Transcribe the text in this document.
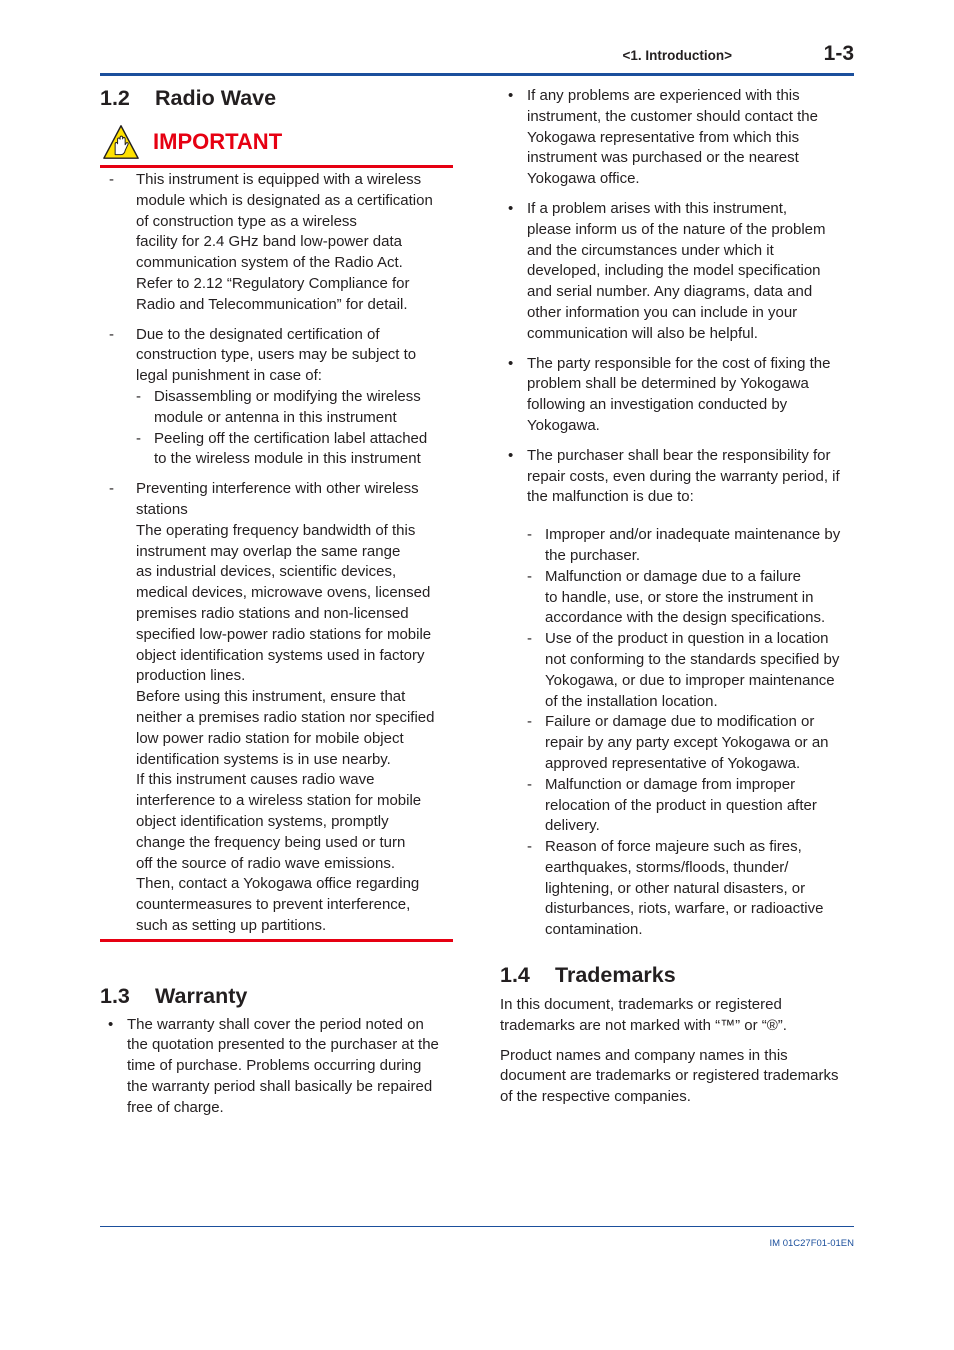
<1. Introduction>	1-3
1.2	Radio Wave
IMPORTANT
-	This instrument is equipped with a wireless
module which is designated as a certification
of construction type as a wireless
facility for 2.4 GHz band low-power data
communication system of the Radio Act.
Refer to 2.12 “Regulatory Compliance for
Radio and Telecommunication” for detail.
-	Due to the designated certification of
construction type, users may be subject to
legal punishment in case of:
- Disassembling or modifying the wireless
module or antenna in this instrument
- Peeling off the certification label attached
to the wireless module in this instrument
-	Preventing interference with other wireless
stations
The operating frequency bandwidth of this
instrument may overlap the same range
as industrial devices, scientific devices,
medical devices, microwave ovens, licensed
premises radio stations and non-licensed
specified low-power radio stations for mobile
object identification systems used in factory
production lines.
Before using this instrument, ensure that
neither a premises radio station nor specified
low power radio station for mobile object
identification systems is in use nearby.
If this instrument causes radio wave
interference to a wireless station for mobile
object identification systems, promptly
change the frequency being used or turn
off the source of radio wave emissions.
Then, contact a Yokogawa office regarding
countermeasures to prevent interference,
such as setting up partitions.
1.3	Warranty
• The warranty shall cover the period noted on
the quotation presented to the purchaser at the
time of purchase. Problems occurring during
the warranty period shall basically be repaired
free of charge.
• If any problems are experienced with this
instrument, the customer should contact the
Yokogawa representative from which this
instrument was purchased or the nearest
Yokogawa office.
• If a problem arises with this instrument,
please inform us of the nature of the problem
and the circumstances under which it
developed, including the model specification
and serial number. Any diagrams, data and
other information you can include in your
communication will also be helpful.
• The party responsible for the cost of fixing the
problem shall be determined by Yokogawa
following an investigation conducted by
Yokogawa.
• The purchaser shall bear the responsibility for
repair costs, even during the warranty period, if
the malfunction is due to:
- Improper and/or inadequate maintenance by
the purchaser.
- Malfunction or damage due to a failure
to handle, use, or store the instrument in
accordance with the design specifications.
- Use of the product in question in a location
not conforming to the standards specified by
Yokogawa, or due to improper maintenance
of the installation location.
- Failure or damage due to modification or
repair by any party except Yokogawa or an
approved representative of Yokogawa.
- Malfunction or damage from improper
relocation of the product in question after
delivery.
- Reason of force majeure such as fires,
earthquakes, storms/floods, thunder/
lightening, or other natural disasters, or
disturbances, riots, warfare, or radioactive
contamination.
1.4	Trademarks
In this document, trademarks or registered
trademarks are not marked with “™” or “®”.
Product names and company names in this
document are trademarks or registered trademarks
of the respective companies.
IM 01C27F01-01EN
